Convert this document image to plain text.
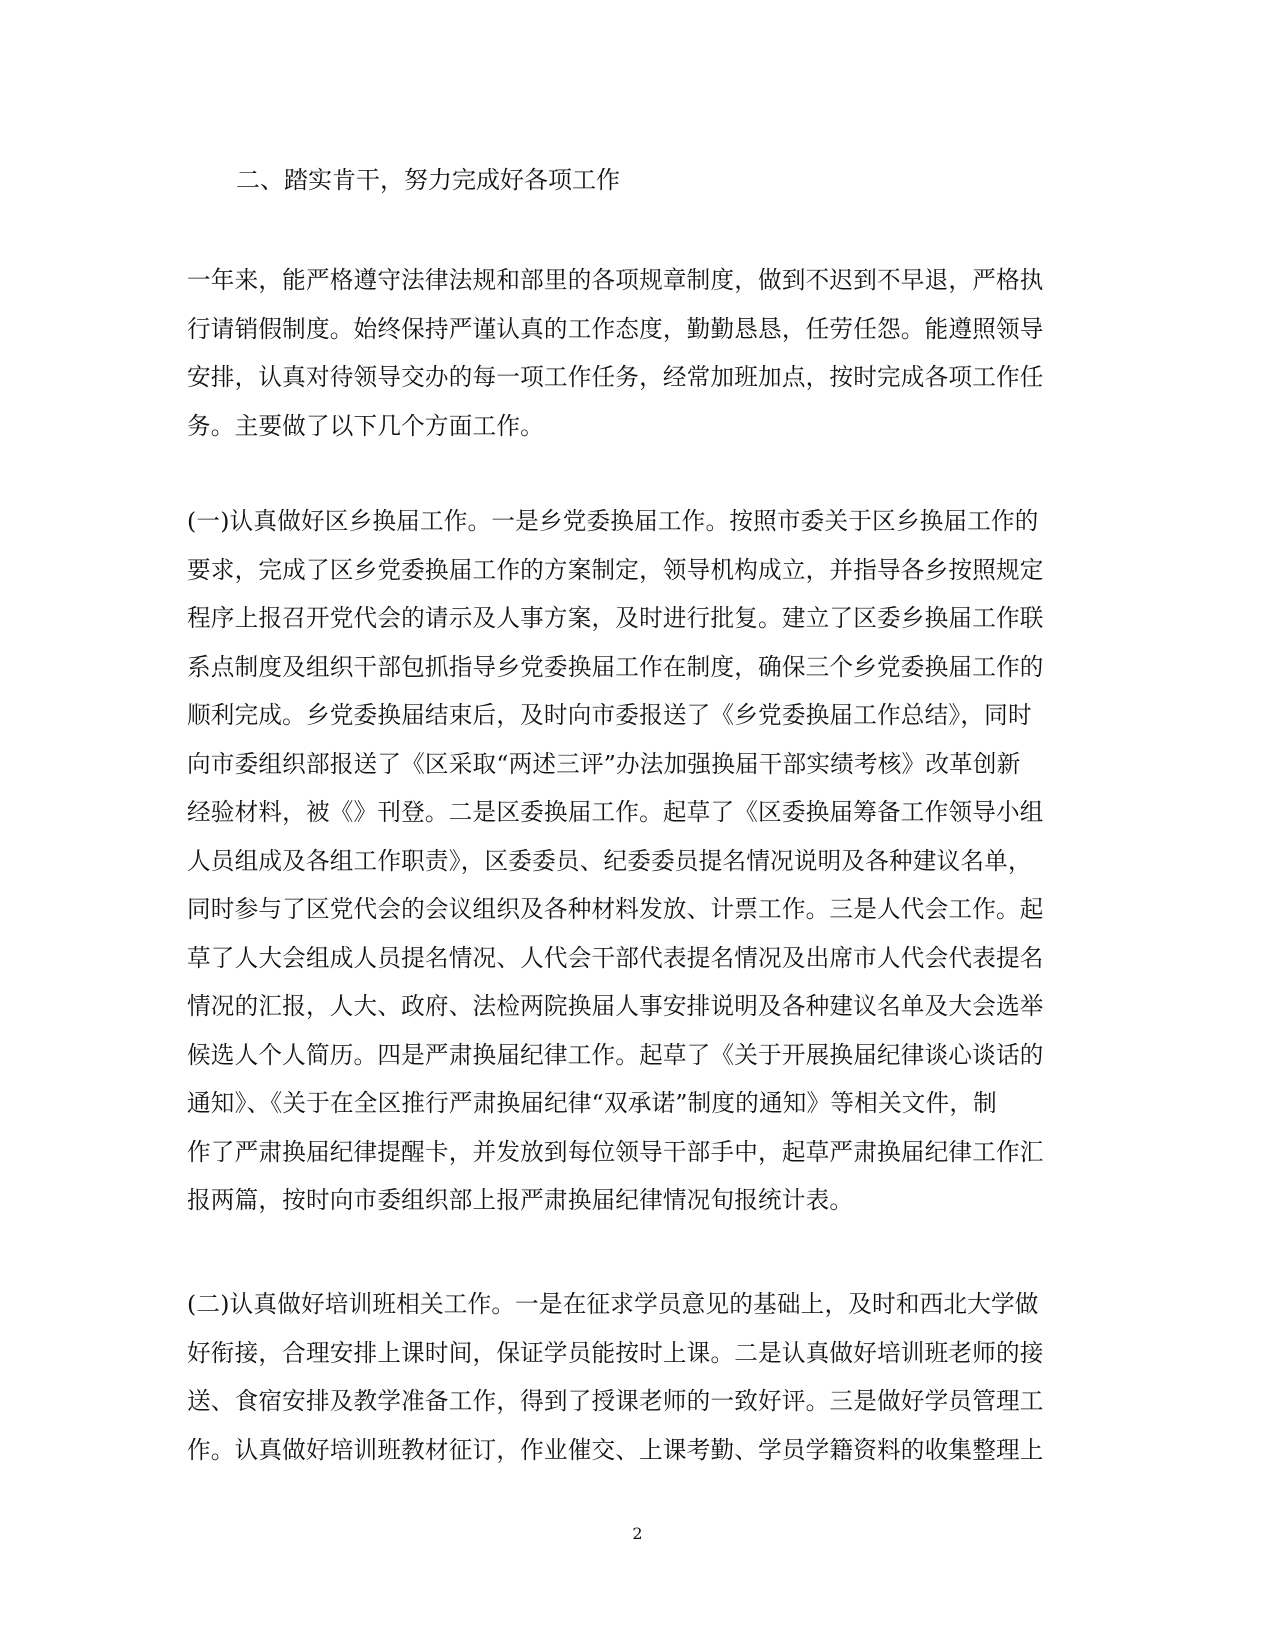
二、踏实肯干，努力完成好各项工作
一年来，能严格遵守法律法规和部里的各项规章制度，做到不迟到不早退，严格执
行请销假制度。始终保持严谨认真的工作态度，勤勤恳恳，任劳任怨。能遵照领导
安排，认真对待领导交办的每一项工作任务，经常加班加点，按时完成各项工作任
务。主要做了以下几个方面工作。
(一)认真做好区乡换届工作。一是乡党委换届工作。按照市委关于区乡换届工作的
要求，完成了区乡党委换届工作的方案制定，领导机构成立，并指导各乡按照规定
程序上报召开党代会的请示及人事方案，及时进行批复。建立了区委乡换届工作联
系点制度及组织干部包抓指导乡党委换届工作在制度，确保三个乡党委换届工作的
顺利完成。乡党委换届结束后，及时向市委报送了《乡党委换届工作总结》，同时
向市委组织部报送了《区采取“两述三评”办法加强换届干部实绩考核》改革创新
经验材料，被《》刊登。二是区委换届工作。起草了《区委换届筹备工作领导小组
人员组成及各组工作职责》，区委委员、纪委委员提名情况说明及各种建议名单，
同时参与了区党代会的会议组织及各种材料发放、计票工作。三是人代会工作。起
草了人大会组成人员提名情况、人代会干部代表提名情况及出席市人代会代表提名
情况的汇报，人大、政府、法检两院换届人事安排说明及各种建议名单及大会选举
候选人个人简历。四是严肃换届纪律工作。起草了《关于开展换届纪律谈心谈话的
通知》、《关于在全区推行严肃换届纪律“双承诺”制度的通知》等相关文件，制
作了严肃换届纪律提醒卡，并发放到每位领导干部手中，起草严肃换届纪律工作汇
报两篇，按时向市委组织部上报严肃换届纪律情况旬报统计表。
(二)认真做好培训班相关工作。一是在征求学员意见的基础上，及时和西北大学做
好衔接，合理安排上课时间，保证学员能按时上课。二是认真做好培训班老师的接
送、食宿安排及教学准备工作，得到了授课老师的一致好评。三是做好学员管理工
作。认真做好培训班教材征订，作业催交、上课考勤、学员学籍资料的收集整理上
2
